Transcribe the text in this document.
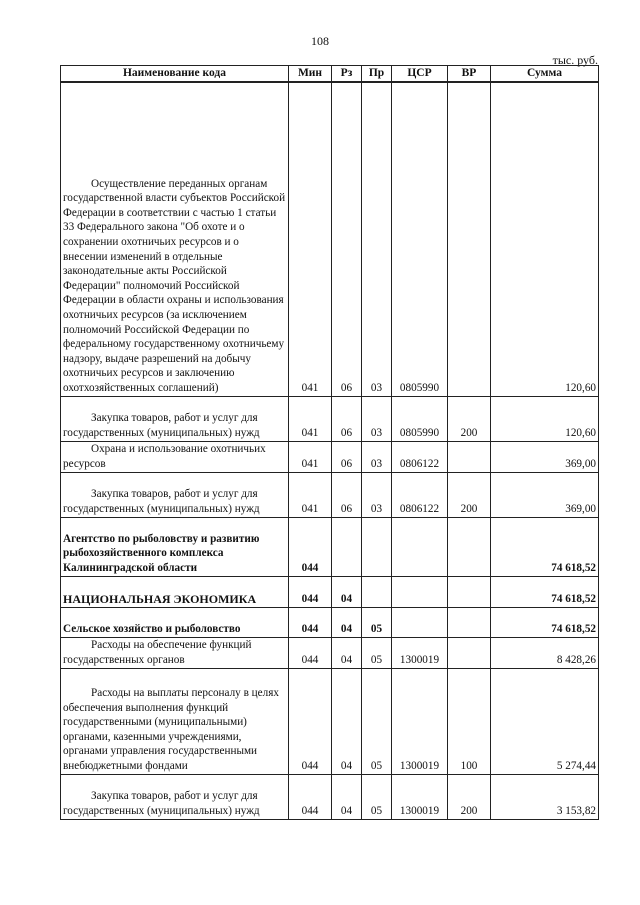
108
тыс. руб.
Наименование кода	Мин	Рз	Пр	ЦСР	ВР	Сумма

Осуществление переданных органам государственной власти субъектов Российской Федерации в соответствии с частью 1 статьи 33 Федерального закона "Об охоте и о сохранении охотничьих ресурсов и о внесении изменений в отдельные законодательные акты Российской Федерации" полномочий Российской Федерации в области охраны и использования охотничьих ресурсов (за исключением полномочий Российской Федерации по федеральному государственному охотничьему надзору, выдаче разрешений на добычу охотничьих ресурсов и заключению охотхозяйственных соглашений)	041	06	03	0805990		120,60

Закупка товаров, работ и услуг для государственных (муниципальных) нужд	041	06	03	0805990	200	120,60

Охрана и использование охотничьих ресурсов	041	06	03	0806122		369,00

Закупка товаров, работ и услуг для государственных (муниципальных) нужд	041	06	03	0806122	200	369,00

Агентство по рыболовству и развитию рыбохозяйственного комплекса Калининградской области	044					74 618,52

НАЦИОНАЛЬНАЯ ЭКОНОМИКА	044	04				74 618,52

Сельское хозяйство и рыболовство	044	04	05			74 618,52

Расходы на обеспечение функций государственных органов	044	04	05	1300019		8 428,26

Расходы на выплаты персоналу в целях обеспечения выполнения функций государственными (муниципальными) органами, казенными учреждениями, органами управления государственными внебюджетными фондами	044	04	05	1300019	100	5 274,44

Закупка товаров, работ и услуг для государственных (муниципальных) нужд	044	04	05	1300019	200	3 153,82
